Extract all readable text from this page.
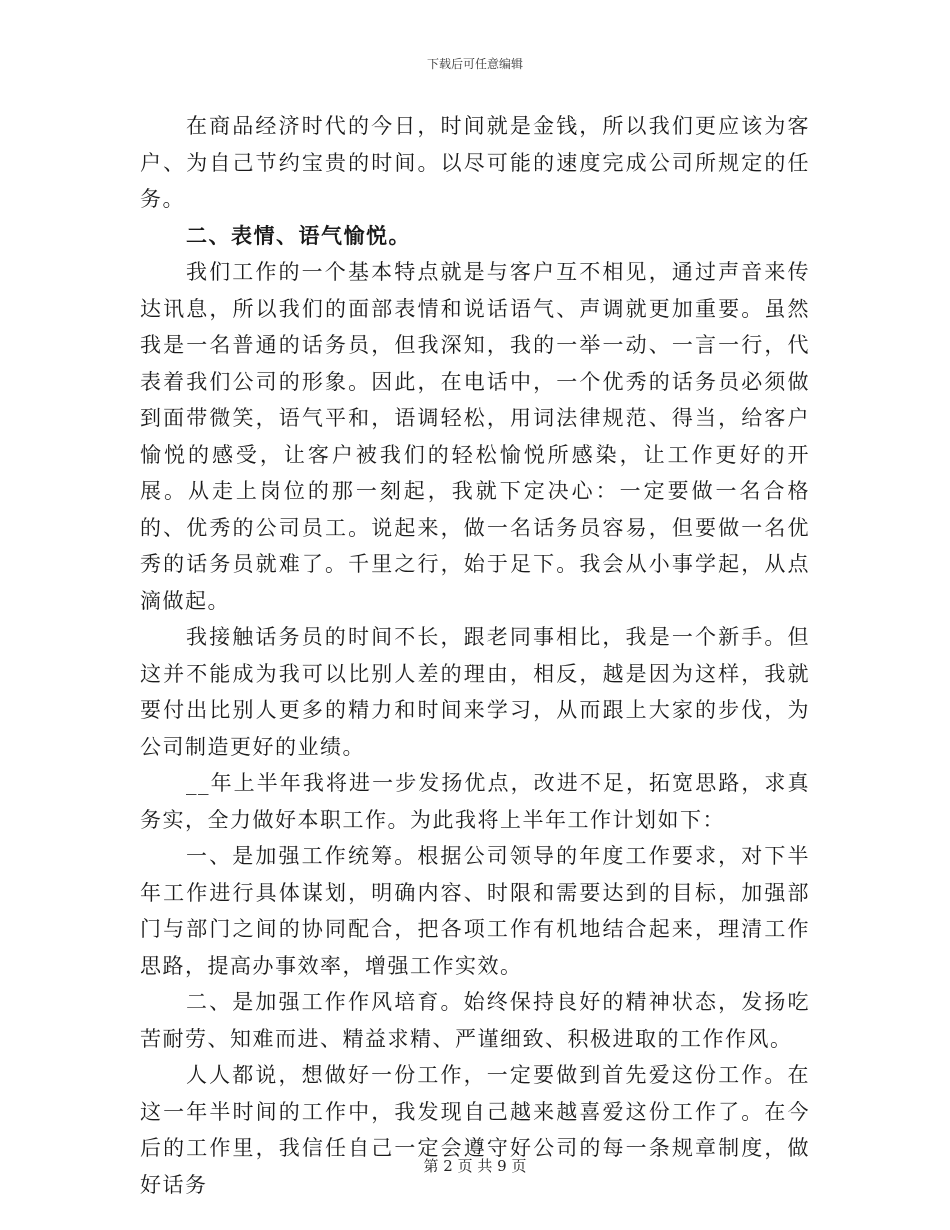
下载后可任意编辑

在商品经济时代的今日，时间就是金钱，所以我们更应该为客户、为自己节约宝贵的时间。以尽可能的速度完成公司所规定的任务。

二、表情、语气愉悦。

我们工作的一个基本特点就是与客户互不相见，通过声音来传达讯息，所以我们的面部表情和说话语气、声调就更加重要。虽然我是一名普通的话务员，但我深知，我的一举一动、一言一行，代表着我们公司的形象。因此，在电话中，一个优秀的话务员必须做到面带微笑，语气平和，语调轻松，用词法律规范、得当，给客户愉悦的感受，让客户被我们的轻松愉悦所感染，让工作更好的开展。从走上岗位的那一刻起，我就下定决心：一定要做一名合格的、优秀的公司员工。说起来，做一名话务员容易，但要做一名优秀的话务员就难了。千里之行，始于足下。我会从小事学起，从点滴做起。

我接触话务员的时间不长，跟老同事相比，我是一个新手。但这并不能成为我可以比别人差的理由，相反，越是因为这样，我就要付出比别人更多的精力和时间来学习，从而跟上大家的步伐，为公司制造更好的业绩。

__年上半年我将进一步发扬优点，改进不足，拓宽思路，求真务实，全力做好本职工作。为此我将上半年工作计划如下：

一、是加强工作统筹。根据公司领导的年度工作要求，对下半年工作进行具体谋划，明确内容、时限和需要达到的目标，加强部门与部门之间的协同配合，把各项工作有机地结合起来，理清工作思路，提高办事效率，增强工作实效。

二、是加强工作作风培育。始终保持良好的精神状态，发扬吃苦耐劳、知难而进、精益求精、严谨细致、积极进取的工作作风。

人人都说，想做好一份工作，一定要做到首先爱这份工作。在这一年半时间的工作中，我发现自己越来越喜爱这份工作了。在今后的工作里，我信任自己一定会遵守好公司的每一条规章制度，做好话务

第 2 页 共 9 页
